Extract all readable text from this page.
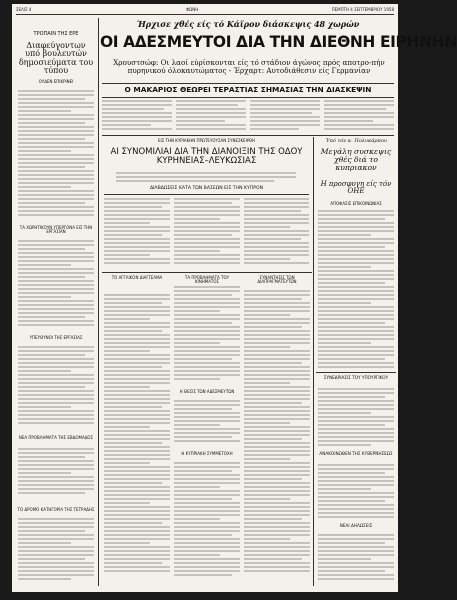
ΣΕΛΙΣ 4	ΦΩΝΗ	ΠΕΜΠΤΗ 4 ΣΕΠΤΕΜΒΡΙΟΥ 1958
ΤΡΟΠΑΙΝ ΤΗΣ ΕΡΕ
Διαφεύγοντων υπό βουλευτών δημοσιεύματα του τύπου
ΟΥΔΕΝ ΕΠΙΚΡΙΝΕΙ
ΤΑ ΧΩΡΗΤΙΚΟΥΝ ΥΠΕΡΓΟΝΑ ΕΙΣ ΤΗΝ ΕΡΓΑΣΙΑΝ
ΥΠΕΥΘΥΝΟΙ ΤΗΣ ΕΡΓΑΣΙΑΣ
ΝΕΑ ΠΡΟΒΛΗΜΑΤΑ ΤΗΣ ΕΒΔΟΜΑΔΟΣ
ΤΟ ΔΡΟΜΟ ΚΑΤΗΓΟΡΙΑ ΤΗΣ ΤΕΤΡΑΔΗΣ
Ήρχισε χθές είς τό Κάϊρον διάσκεψις 48 χωρών
ΟΙ ΑΔΕΣΜΕΥΤΟΙ ΔΙΑ ΤΗΝ ΔΙΕΘΝΗ ΕΙΡΗΝΗΝ
Χρουστσώφ: Οι λαοί εύρίσκονται είς τό στάδιον άγώνος πρός αποτρο-πήν πυρηνικού όλοκαυτώματος - Έρχαρτ: Αυτοδιάθεσιν είς Γερμανίαν
Ο ΜΑΚΑΡΙΟΣ ΘΕΩΡΕΙ ΤΕΡΑΣΤΙΑΣ ΣΗΜΑΣΙΑΣ ΤΗΝ ΔΙΑΣΚΕΨΙΝ
ΕΙΣ ΤΗΝ ΚΥΡΙΑΚΗΝ ΠΡΩΤΕΥΟΥΣΑΝ ΣΥΝΕΣΚΕΨΘΗ
ΑΙ ΣΥΝΟΜΙΛΙΑΙ ΔΙΑ ΤΗΝ ΔΙΑΝΟΙΞΙΝ ΤΗΣ ΟΔΟΥ ΚΥΡΗΝΕΙΑΣ–ΛΕΥΚΩΣΙΑΣ
ΔΙΑΒΔΩΣΕΙΣ ΚΑΤΑ ΤΩΝ ΒΑΣΕΩΝ ΕΙΣ ΤΗΝ ΚΥΠΡΟΝ
ΤΟ ΑΓΓΛΙΚΟΝ ΔΙΑΓΓΕΛΜΑ	ΤΑ ΠΡΟΒΛΗΜΑΤΑ ΤΟΥ ΚΙΝΗΜΑΤΟΣ
Η ΘΕΣΙΣ ΤΩΝ ΑΔΕΣΜΕΥΤΩΝ
Η ΚΥΠΡΙΑΚΗ ΣΥΜΜΕΤΟΧΗ
ΣΥΝΑΝΤΗΣΙΣ ΤΩΝ ΔΙΑΠΡΑΓΜΑΤΕΥΤΩΝ
Ύπό τόν κ. Πολυκάρπου
Μεγάλη συσκεψις χθές διά το κυπριακον
Η προσφυγη είς τόν ΟΗΕ
ΑΠΟΦΑΣΙΣ ΕΠΙΚΟΙΝΩΝΙΑΣ
ΣΥΝΕΔΡΙΑΣΙΣ ΤΟΥ ΥΠΟΥΡΓΙΚΟΥ
ΑΝΑΚΟΙΝΩΘΕΝ ΤΗΣ ΚΥΒΕΡΝΗΣΕΩΣ
ΝΕΑΙ ΔΗΛΩΣΕΙΣ
